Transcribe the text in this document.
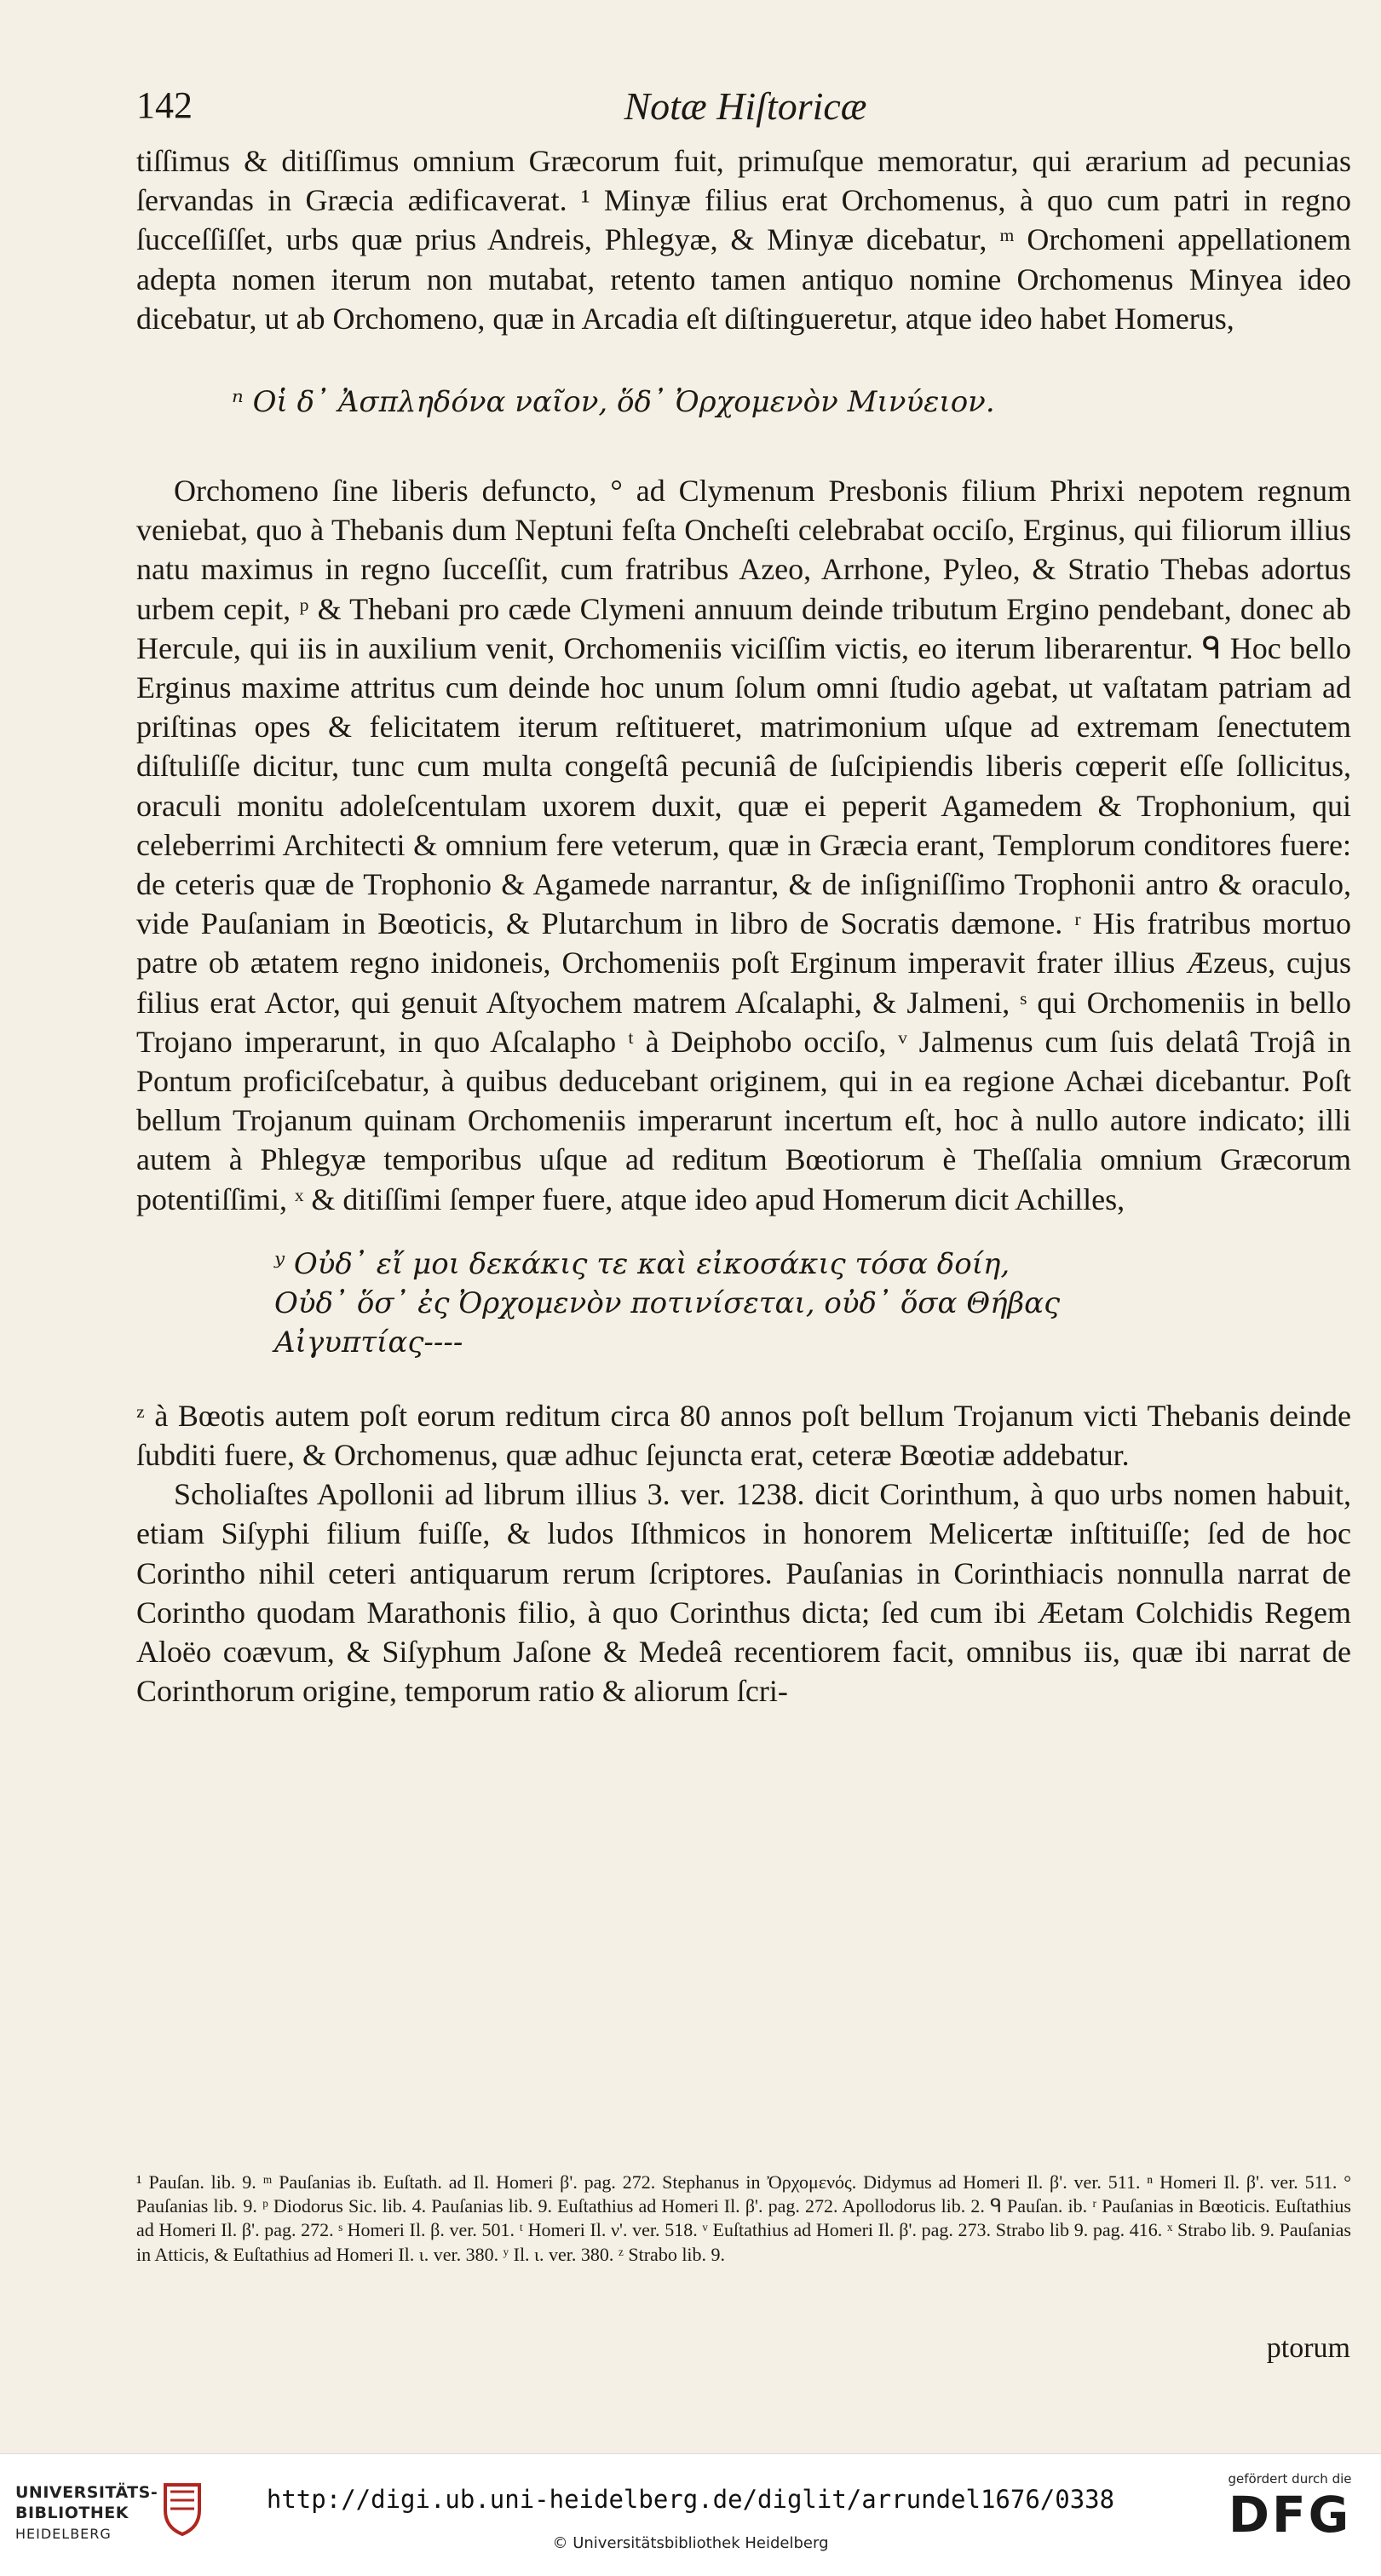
142	Notæ Hiſtoricæ

tiſſimus & ditiſſimus omnium Græcorum fuit, primuſque memoratur, qui ærarium ad pecunias ſervandas in Græcia ædificaverat. ¹ Minyæ filius erat Orchomenus, à quo cum patri in regno ſucceſſiſſet, urbs quæ prius Andreis, Phlegyæ, & Minyæ dicebatur, ᵐ Orchomeni appellationem adepta nomen iterum non mutabat, retento tamen antiquo nomine Orchomenus Minyea ideo dicebatur, ut ab Orchomeno, quæ in Arcadia eſt diſtingueretur, atque ideo habet Homerus,

ⁿ Οἱ δ᾿ Ἀσπληδόνα ναῖον, ὅδ᾿ Ὀρχομενὸν Μινύειον.

Orchomeno ſine liberis defuncto, ° ad Clymenum Presbonis filium Phrixi nepotem regnum veniebat, quo à Thebanis dum Neptuni feſta Oncheſti celebrabat occiſo, Erginus, qui filiorum illius natu maximus in regno ſucceſſit, cum fratribus Azeo, Arrhone, Pyleo, & Stratio Thebas adortus urbem cepit, ᵖ & Thebani pro cæde Clymeni annuum deinde tributum Ergino pendebant, donec ab Hercule, qui iis in auxilium venit, Orchomeniis viciſſim victis, eo iterum liberarentur. ᑫ Hoc bello Erginus maxime attritus cum deinde hoc unum ſolum omni ſtudio agebat, ut vaſtatam patriam ad priſtinas opes & felicitatem iterum reſtitueret, matrimonium uſque ad extremam ſenectutem diſtuliſſe dicitur, tunc cum multa congeſtâ pecuniâ de ſuſcipiendis liberis cœperit eſſe ſollicitus, oraculi monitu adoleſcentulam uxorem duxit, quæ ei peperit Agamedem & Trophonium, qui celeberrimi Architecti & omnium fere veterum, quæ in Græcia erant, Templorum conditores fuere: de ceteris quæ de Trophonio & Agamede narrantur, & de inſigniſſimo Trophonii antro & oraculo, vide Pauſaniam in Bœoticis, & Plutarchum in libro de Socratis dæmone. ʳ His fratribus mortuo patre ob ætatem regno inidoneis, Orchomeniis poſt Erginum imperavit frater illius Æzeus, cujus filius erat Actor, qui genuit Aſtyochem matrem Aſcalaphi, & Jalmeni, ˢ qui Orchomeniis in bello Trojano imperarunt, in quo Aſcalapho ᵗ à Deiphobo occiſo, ᵛ Jalmenus cum ſuis delatâ Trojâ in Pontum proficiſcebatur, à quibus deducebant originem, qui in ea regione Achæi dicebantur. Poſt bellum Trojanum quinam Orchomeniis imperarunt incertum eſt, hoc à nullo autore indicato; illi autem à Phlegyæ temporibus uſque ad reditum Bœotiorum è Theſſalia omnium Græcorum potentiſſimi, ˣ & ditiſſimi ſemper fuere, atque ideo apud Homerum dicit Achilles,

ʸ Οὐδ᾿ εἴ μοι δεκάκις τε καὶ εἰκοσάκις τόσα δοίη,
Οὐδ᾿ ὅσ᾿ ἐς Ὀρχομενὸν ποτινίσεται, οὐδ᾿ ὅσα Θήβας
Αἰγυπτίας----

ᶻ à Bœotis autem poſt eorum reditum circa 80 annos poſt bellum Trojanum victi Thebanis deinde ſubditi fuere, & Orchomenus, quæ adhuc ſejuncta erat, ceteræ Bœotiæ addebatur.

Scholiaſtes Apollonii ad librum illius 3. ver. 1238. dicit Corinthum, à quo urbs nomen habuit, etiam Siſyphi filium fuiſſe, & ludos Iſthmicos in honorem Melicertæ inſtituiſſe; ſed de hoc Corintho nihil ceteri antiquarum rerum ſcriptores. Pauſanias in Corinthiacis nonnulla narrat de Corintho quodam Marathonis filio, à quo Corinthus dicta; ſed cum ibi Æetam Colchidis Regem Aloëo coævum, & Siſyphum Jaſone & Medeâ recentiorem facit, omnibus iis, quæ ibi narrat de Corinthorum origine, temporum ratio & aliorum ſcri-

¹ Pauſan. lib. 9. ᵐ Pauſanias ib. Euſtath. ad Il. Homeri β'. pag. 272. Stephanus in Ὀρχομενός. Didymus ad Homeri Il. β'. ver. 511. ⁿ Homeri Il. β'. ver. 511. ° Pauſanias lib. 9. ᵖ Diodorus Sic. lib. 4. Pauſanias lib. 9. Euſtathius ad Homeri Il. β'. pag. 272. Apollodorus lib. 2. ᑫ Pauſan. ib. ʳ Pauſanias in Bœoticis. Euſtathius ad Homeri Il. β'. pag. 272. ˢ Homeri Il. β. ver. 501. ᵗ Homeri Il. ν'. ver. 518. ᵛ Euſtathius ad Homeri Il. β'. pag. 273. Strabo lib 9. pag. 416. ˣ Strabo lib. 9. Pauſanias in Atticis, & Euſtathius ad Homeri Il. ι. ver. 380. ʸ Il. ι. ver. 380. ᶻ Strabo lib. 9.
ptorum
UNIVERSITÄTS-
BIBLIOTHEK
HEIDELBERG
http://digi.ub.uni-heidelberg.de/diglit/arrundel1676/0338
© Universitätsbibliothek Heidelberg
gefördert durch die
DFG
